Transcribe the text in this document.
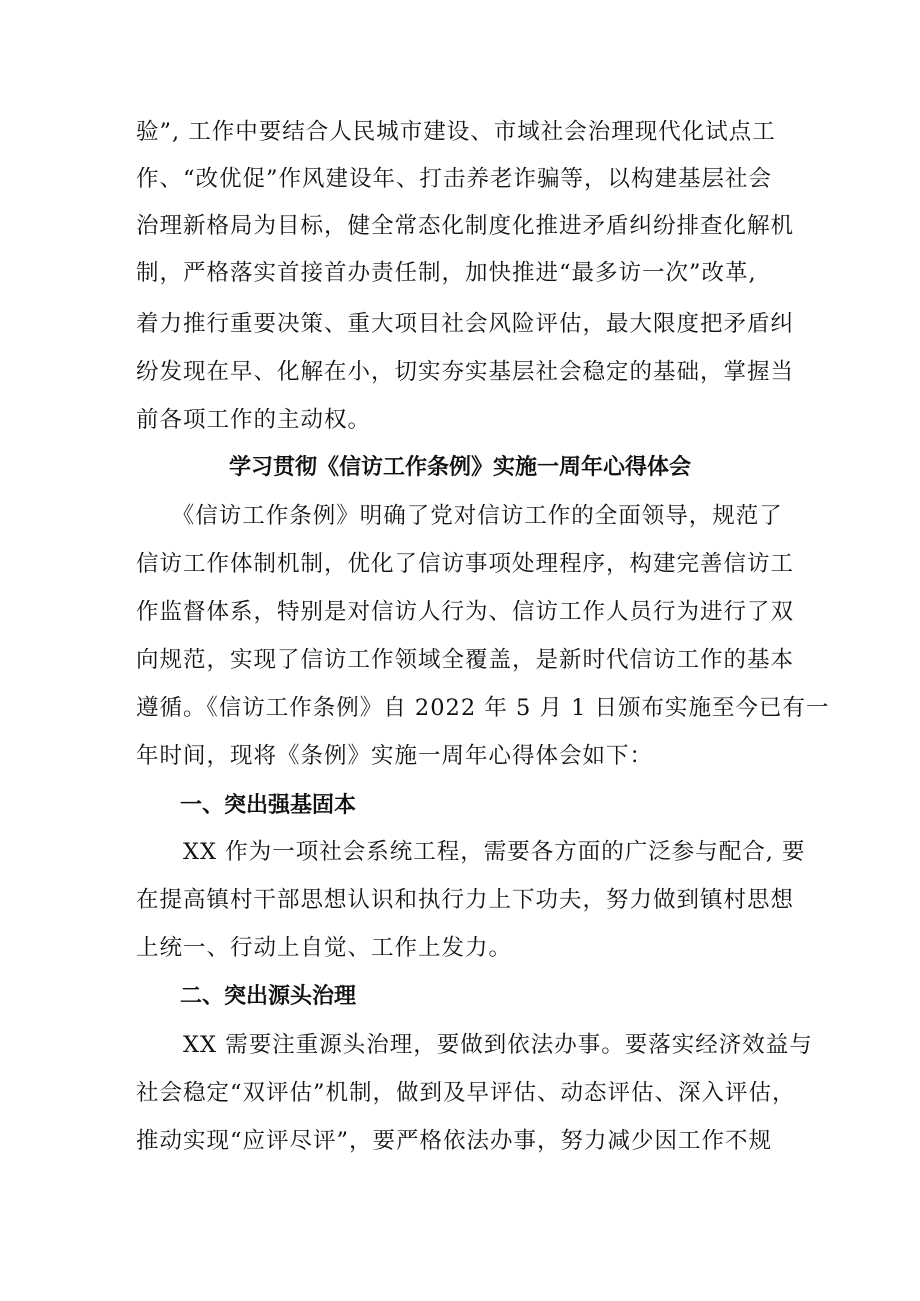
验”, 工作中要结合人民城市建设、市域社会治理现代化试点工
作、“改优促”作风建设年、打击养老诈骗等，以构建基层社会
治理新格局为目标，健全常态化制度化推进矛盾纠纷排查化解机
制，严格落实首接首办责任制，加快推进“最多访一次”改革,
着力推行重要决策、重大项目社会风险评估，最大限度把矛盾纠
纷发现在早、化解在小，切实夯实基层社会稳定的基础，掌握当
前各项工作的主动权。
学习贯彻《信访工作条例》实施一周年心得体会
　　《信访工作条例》明确了党对信访工作的全面领导，规范了
信访工作体制机制，优化了信访事项处理程序，构建完善信访工
作监督体系，特别是对信访人行为、信访工作人员行为进行了双
向规范，实现了信访工作领域全覆盖，是新时代信访工作的基本
遵循。《信访工作条例》自 2022 年 5 月 1 日颁布实施至今已有一
年时间，现将《条例》实施一周年心得体会如下：
一、突出强基固本
　　XX 作为一项社会系统工程，需要各方面的广泛参与配合, 要
在提高镇村干部思想认识和执行力上下功夫，努力做到镇村思想
上统一、行动上自觉、工作上发力。
二、突出源头治理
　　XX 需要注重源头治理，要做到依法办事。要落实经济效益与
社会稳定“双评估”机制，做到及早评估、动态评估、深入评估，
推动实现“应评尽评”，要严格依法办事，努力减少因工作不规
